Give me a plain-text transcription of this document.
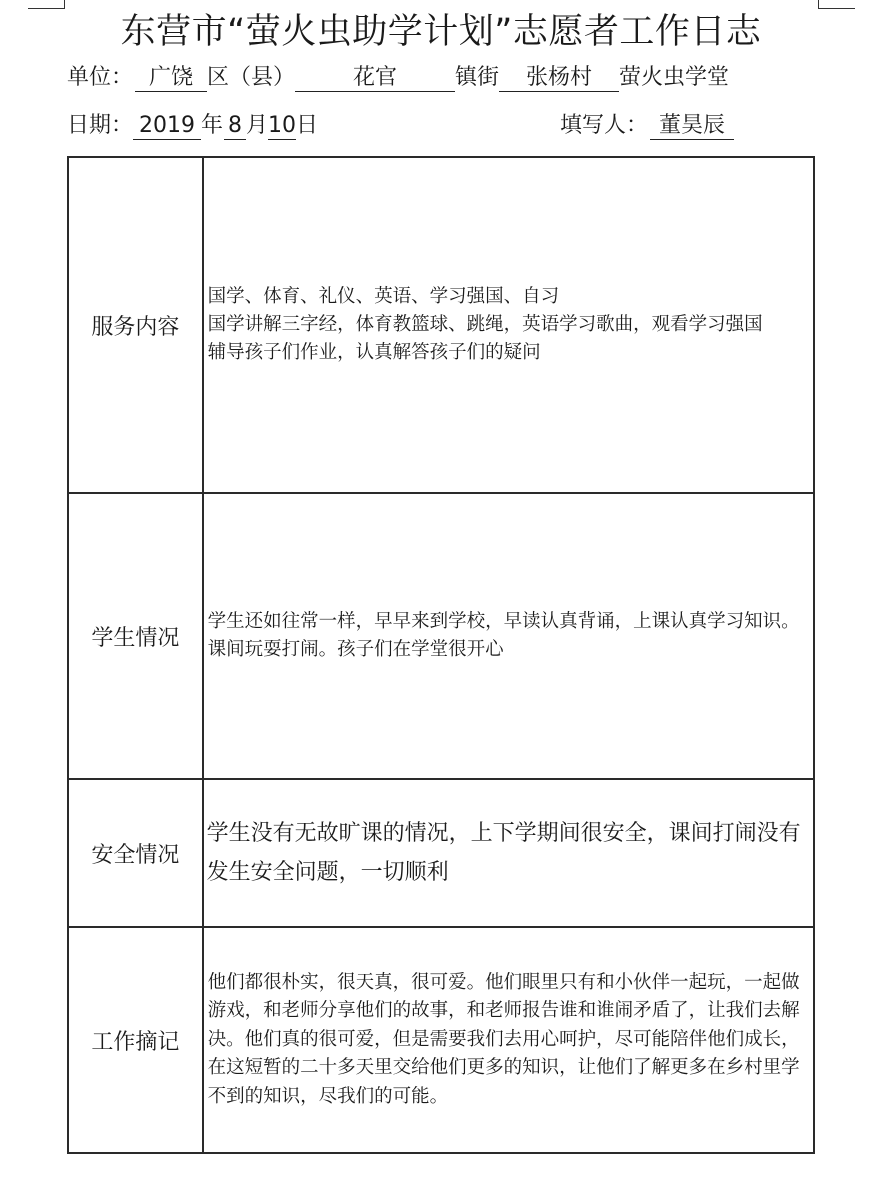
东营市“萤火虫助学计划”志愿者工作日志
单位： 广饶 区（县）	花官	镇街 张杨村 萤火虫学堂
日期： 2019 年 8 月10日	填写人： 董昊辰
服务内容	国学、体育、礼仪、英语、学习强国、自习

国学讲解三字经，体育教篮球、跳绳，英语学习歌曲，观看学习强国

辅导孩子们作业，认真解答孩子们的疑问

学生情况	学生还如往常一样，早早来到学校，早读认真背诵，上课认真学习知识。课间玩耍打闹。孩子们在学堂很开心

安全情况	学生没有无故旷课的情况，上下学期间很安全，课间打闹没有发生安全问题，一切顺利

工作摘记	他们都很朴实，很天真，很可爱。他们眼里只有和小伙伴一起玩，一起做游戏，和老师分享他们的故事，和老师报告谁和谁闹矛盾了，让我们去解决。他们真的很可爱，但是需要我们去用心呵护，尽可能陪伴他们成长，在这短暂的二十多天里交给他们更多的知识，让他们了解更多在乡村里学不到的知识，尽我们的可能。
